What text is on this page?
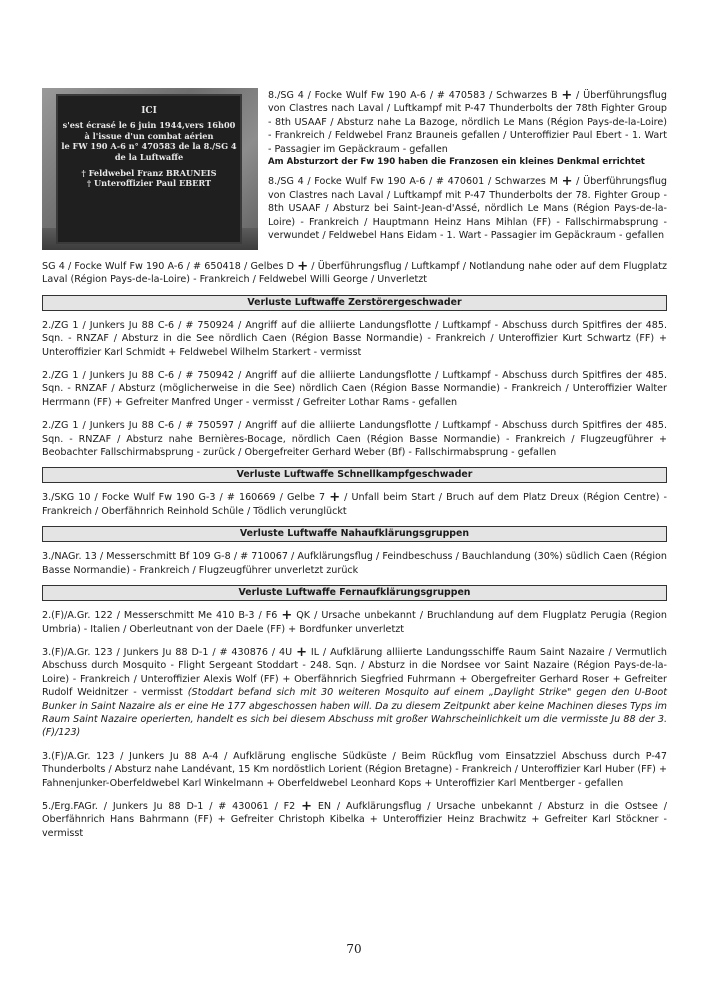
ICI
s'est écrasé le 6 juin 1944,vers 16h00
à l'issue d'un combat aérien
le FW 190 A-6 n° 470583 de la 8./SG 4
de la Luftwaffe
† Feldwebel Franz BRAUNEIS
† Unteroffizier Paul EBERT

8./SG 4 / Focke Wulf Fw 190 A-6 / # 470583 / Schwarzes B + / Überführungsflug von Clastres nach Laval / Luftkampf mit P-47 Thunderbolts der 78th Fighter Group - 8th USAAF / Absturz nahe La Bazoge, nördlich Le Mans (Région Pays-de-la-Loire) - Frankreich / Feldwebel Franz Brauneis gefallen / Unteroffizier Paul Ebert - 1. Wart - Passagier im Gepäckraum - gefallen

Am Absturzort der Fw 190 haben die Franzosen ein kleines Denkmal errichtet

8./SG 4 / Focke Wulf Fw 190 A-6 / # 470601 / Schwarzes M + / Überführungsflug von Clastres nach Laval / Luftkampf mit P-47 Thunderbolts der 78. Fighter Group - 8th USAAF / Absturz bei Saint-Jean-d'Assé, nördlich Le Mans (Région Pays-de-la-Loire) - Frankreich / Hauptmann Heinz Hans Mihlan (FF) - Fallschirmabsprung - verwundet / Feldwebel Hans Eidam - 1. Wart - Passagier im Gepäckraum - gefallen

SG 4 / Focke Wulf Fw 190 A-6 / # 650418 / Gelbes D + / Überführungsflug / Luftkampf / Notlandung nahe oder auf dem Flugplatz Laval (Région Pays-de-la-Loire) - Frankreich / Feldwebel Willi George / Unverletzt

Verluste Luftwaffe Zerstörergeschwader

2./ZG 1 / Junkers Ju 88 C-6 / # 750924 / Angriff auf die alliierte Landungsflotte / Luftkampf - Abschuss durch Spitfires der 485. Sqn. - RNZAF / Absturz in die See nördlich Caen (Région Basse Normandie) - Frankreich / Unteroffizier Kurt Schwartz (FF) + Unteroffizier Karl Schmidt + Feldwebel Wilhelm Starkert - vermisst

2./ZG 1 / Junkers Ju 88 C-6 / # 750942 / Angriff auf die alliierte Landungsflotte / Luftkampf - Abschuss durch Spitfires der 485. Sqn. - RNZAF / Absturz (möglicherweise in die See) nördlich Caen (Région Basse Normandie) - Frankreich / Unteroffizier Walter Herrmann (FF) + Gefreiter Manfred Unger - vermisst / Gefreiter Lothar Rams - gefallen

2./ZG 1 / Junkers Ju 88 C-6 / # 750597 / Angriff auf die alliierte Landungsflotte / Luftkampf - Abschuss durch Spitfires der 485. Sqn. - RNZAF / Absturz nahe Bernières-Bocage, nördlich Caen (Région Basse Normandie) - Frankreich / Flugzeugführer + Beobachter Fallschirmabsprung - zurück / Obergefreiter Gerhard Weber (Bf) - Fallschirmabsprung - gefallen

Verluste Luftwaffe Schnellkampfgeschwader

3./SKG 10 / Focke Wulf Fw 190 G-3 / # 160669 / Gelbe 7 + / Unfall beim Start / Bruch auf dem Platz Dreux (Région Centre) - Frankreich / Oberfähnrich Reinhold Schüle / Tödlich verunglückt

Verluste Luftwaffe Nahaufklärungsgruppen

3./NAGr. 13 / Messerschmitt Bf 109 G-8 / # 710067 / Aufklärungsflug / Feindbeschuss / Bauchlandung (30%) südlich Caen (Région Basse Normandie) - Frankreich / Flugzeugführer unverletzt zurück

Verluste Luftwaffe Fernaufklärungsgruppen

2.(F)/A.Gr. 122 / Messerschmitt Me 410 B-3 / F6 + QK / Ursache unbekannt / Bruchlandung auf dem Flugplatz Perugia (Region Umbria) - Italien / Oberleutnant von der Daele (FF) + Bordfunker unverletzt

3.(F)/A.Gr. 123 / Junkers Ju 88 D-1 / # 430876 / 4U + IL / Aufklärung alliierte Landungsschiffe Raum Saint Nazaire / Vermutlich Abschuss durch Mosquito - Flight Sergeant Stoddart - 248. Sqn. / Absturz in die Nordsee vor Saint Nazaire (Région Pays-de-la-Loire) - Frankreich / Unteroffizier Alexis Wolf (FF) + Oberfähnrich Siegfried Fuhrmann + Obergefreiter Gerhard Roser + Gefreiter Rudolf Weidnitzer - vermisst (Stoddart befand sich mit 30 weiteren Mosquito auf einem „Daylight Strike" gegen den U-Boot Bunker in Saint Nazaire als er eine He 177 abgeschossen haben will. Da zu diesem Zeitpunkt aber keine Machinen dieses Typs im Raum Saint Nazaire operierten, handelt es sich bei diesem Abschuss mit großer Wahrscheinlichkeit um die vermisste Ju 88 der 3.(F)/123)

3.(F)/A.Gr. 123 / Junkers Ju 88 A-4 / Aufklärung englische Südküste / Beim Rückflug vom Einsatzziel Abschuss durch P-47 Thunderbolts / Absturz nahe Landévant, 15 Km nordöstlich Lorient (Région Bretagne) - Frankreich / Unteroffizier Karl Huber (FF) + Fahnenjunker-Oberfeldwebel Karl Winkelmann + Oberfeldwebel Leonhard Kops + Unteroffizier Karl Mentberger - gefallen

5./Erg.FAGr. / Junkers Ju 88 D-1 / # 430061 / F2 + EN / Aufklärungsflug / Ursache unbekannt / Absturz in die Ostsee / Oberfähnrich Hans Bahrmann (FF) + Gefreiter Christoph Kibelka + Unteroffizier Heinz Brachwitz + Gefreiter Karl Stöckner - vermisst

70
